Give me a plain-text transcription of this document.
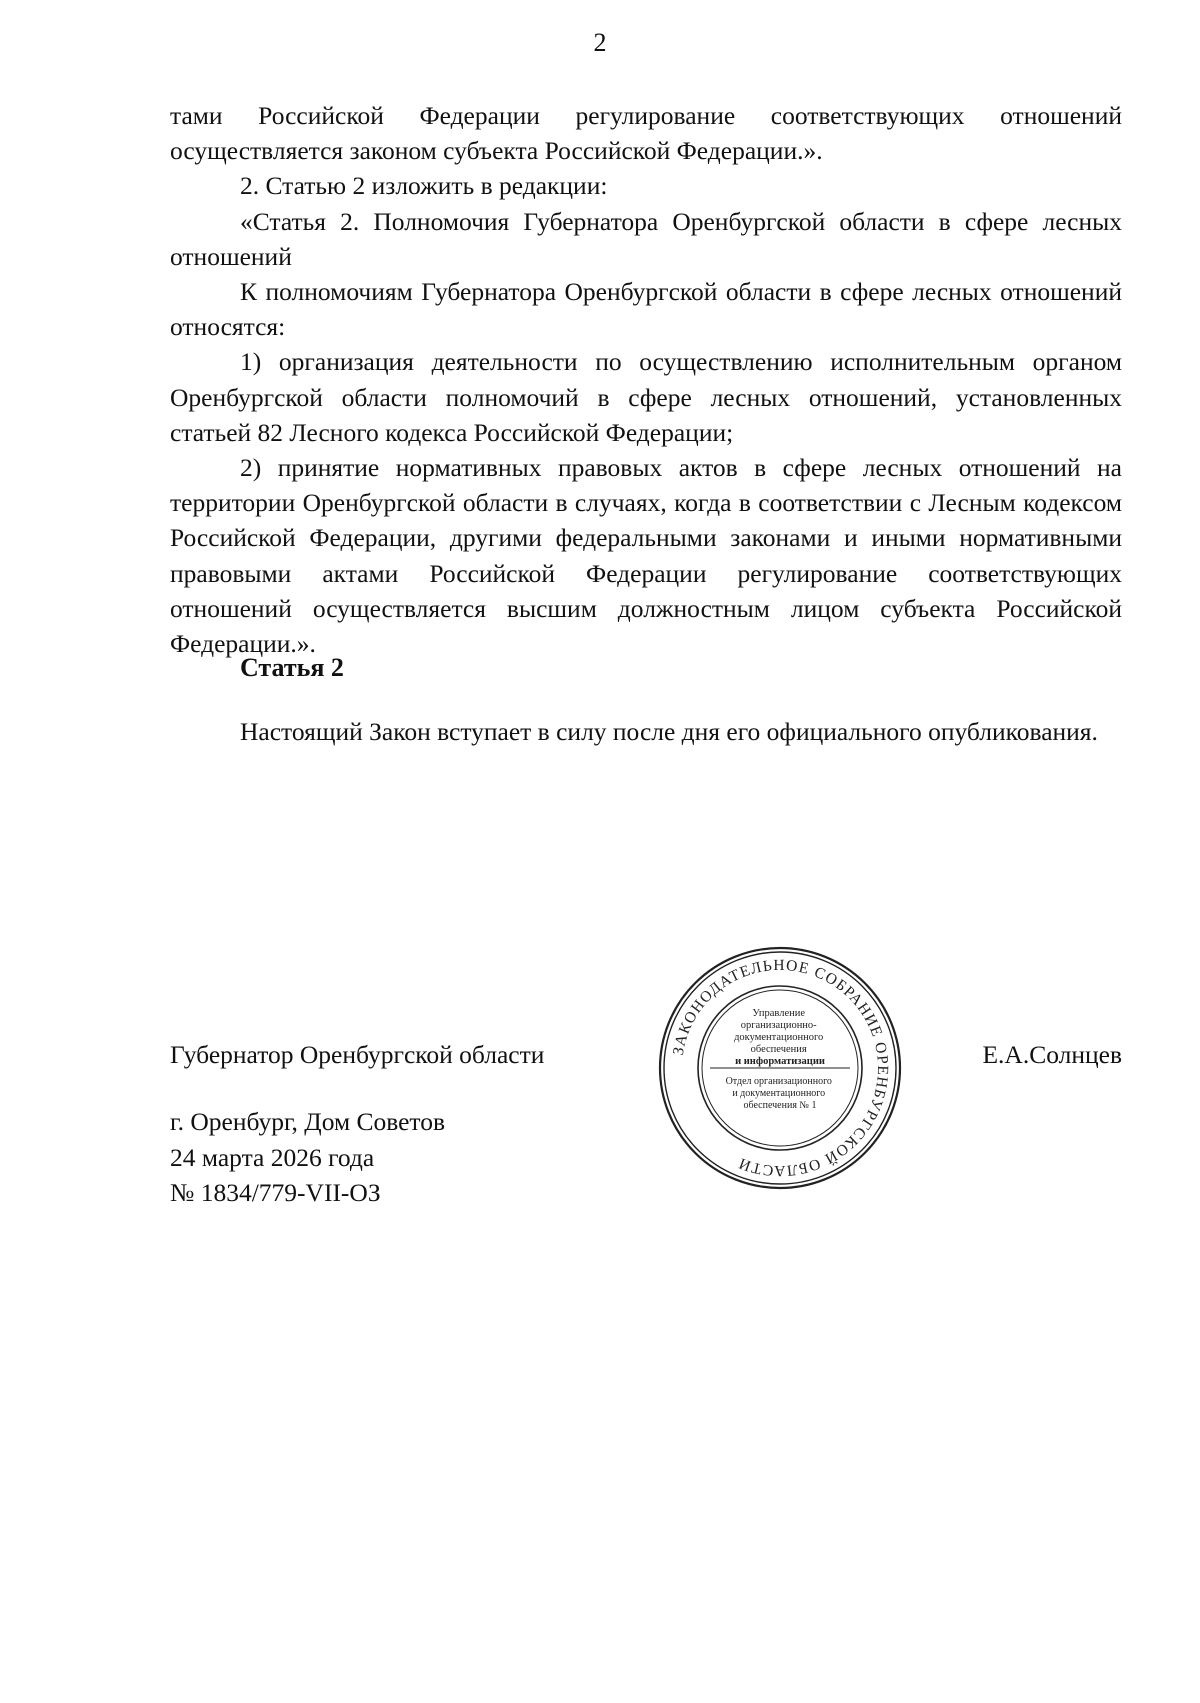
2

тами Российской Федерации регулирование соответствующих отношений осуществляется законом субъекта Российской Федерации.».

2. Статью 2 изложить в редакции:

«Статья 2. Полномочия Губернатора Оренбургской области в сфере лесных отношений

К полномочиям Губернатора Оренбургской области в сфере лесных отношений относятся:

1) организация деятельности по осуществлению исполнительным органом Оренбургской области полномочий в сфере лесных отношений, установленных статьей 82 Лесного кодекса Российской Федерации;

2) принятие нормативных правовых актов в сфере лесных отношений на территории Оренбургской области в случаях, когда в соответствии с Лесным кодексом Российской Федерации, другими федеральными законами и иными нормативными правовыми актами Российской Федерации регулирование соответствующих отношений осуществляется высшим должностным лицом субъекта Российской Федерации.».

Статья 2

Настоящий Закон вступает в силу после дня его официального опубликования.

Губернатор Оренбургской области	Е.А.Солнцев
г. Оренбург, Дом Советов
24 марта 2026 года
№ 1834/779-VII-ОЗ
ЗАКОНОДАТЕЛЬНОЕ СОБРАНИЕ ОРЕНБУРГСКОЙ ОБЛАСТИ
Управление организационно- документационного обеспечения и информатизации
Отдел организационного и документационного обеспечения № 1
